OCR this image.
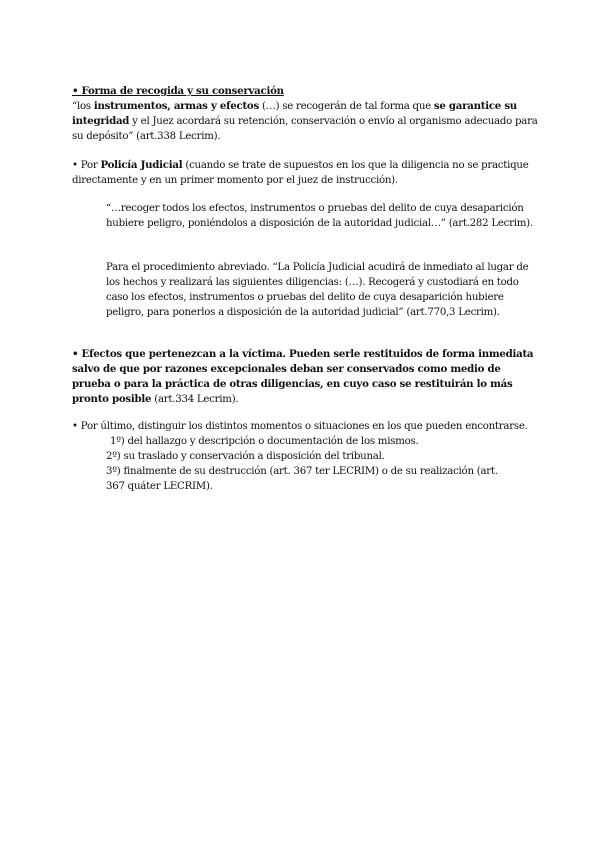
• Forma de recogida y su conservación
“los instrumentos, armas y efectos (…) se recogerán de tal forma que se garantice su integridad y el Juez acordará su retención, conservación o envío al organismo adecuado para su depósito” (art.338 Lecrim).
• Por Policía Judicial (cuando se trate de supuestos en los que la diligencia no se practique directamente y en un primer momento por el juez de instrucción).
“…recoger todos los efectos, instrumentos o pruebas del delito de cuya desaparición hubiere peligro, poniéndolos a disposición de la autoridad judicial…” (art.282 Lecrim).
Para el procedimiento abreviado. “La Policía Judicial acudirá de inmediato al lugar de los hechos y realizará las siguientes diligencias: (…). Recogerá y custodiará en todo caso los efectos, instrumentos o pruebas del delito de cuya desaparición hubiere peligro, para ponerlos a disposición de la autoridad judicial” (art.770,3 Lecrim).
• Efectos que pertenezcan a la víctima. Pueden serle restituidos de forma inmediata salvo de que por razones excepcionales deban ser conservados como medio de prueba o para la práctica de otras diligencias, en cuyo caso se restituirán lo más pronto posible (art.334 Lecrim).
• Por último, distinguir los distintos momentos o situaciones en los que pueden encontrarse.
1º) del hallazgo y descripción o documentación de los mismos.
2º) su traslado y conservación a disposición del tribunal.
3º) finalmente de su destrucción (art. 367 ter LECRIM) o de su realización (art. 367 quáter LECRIM).
